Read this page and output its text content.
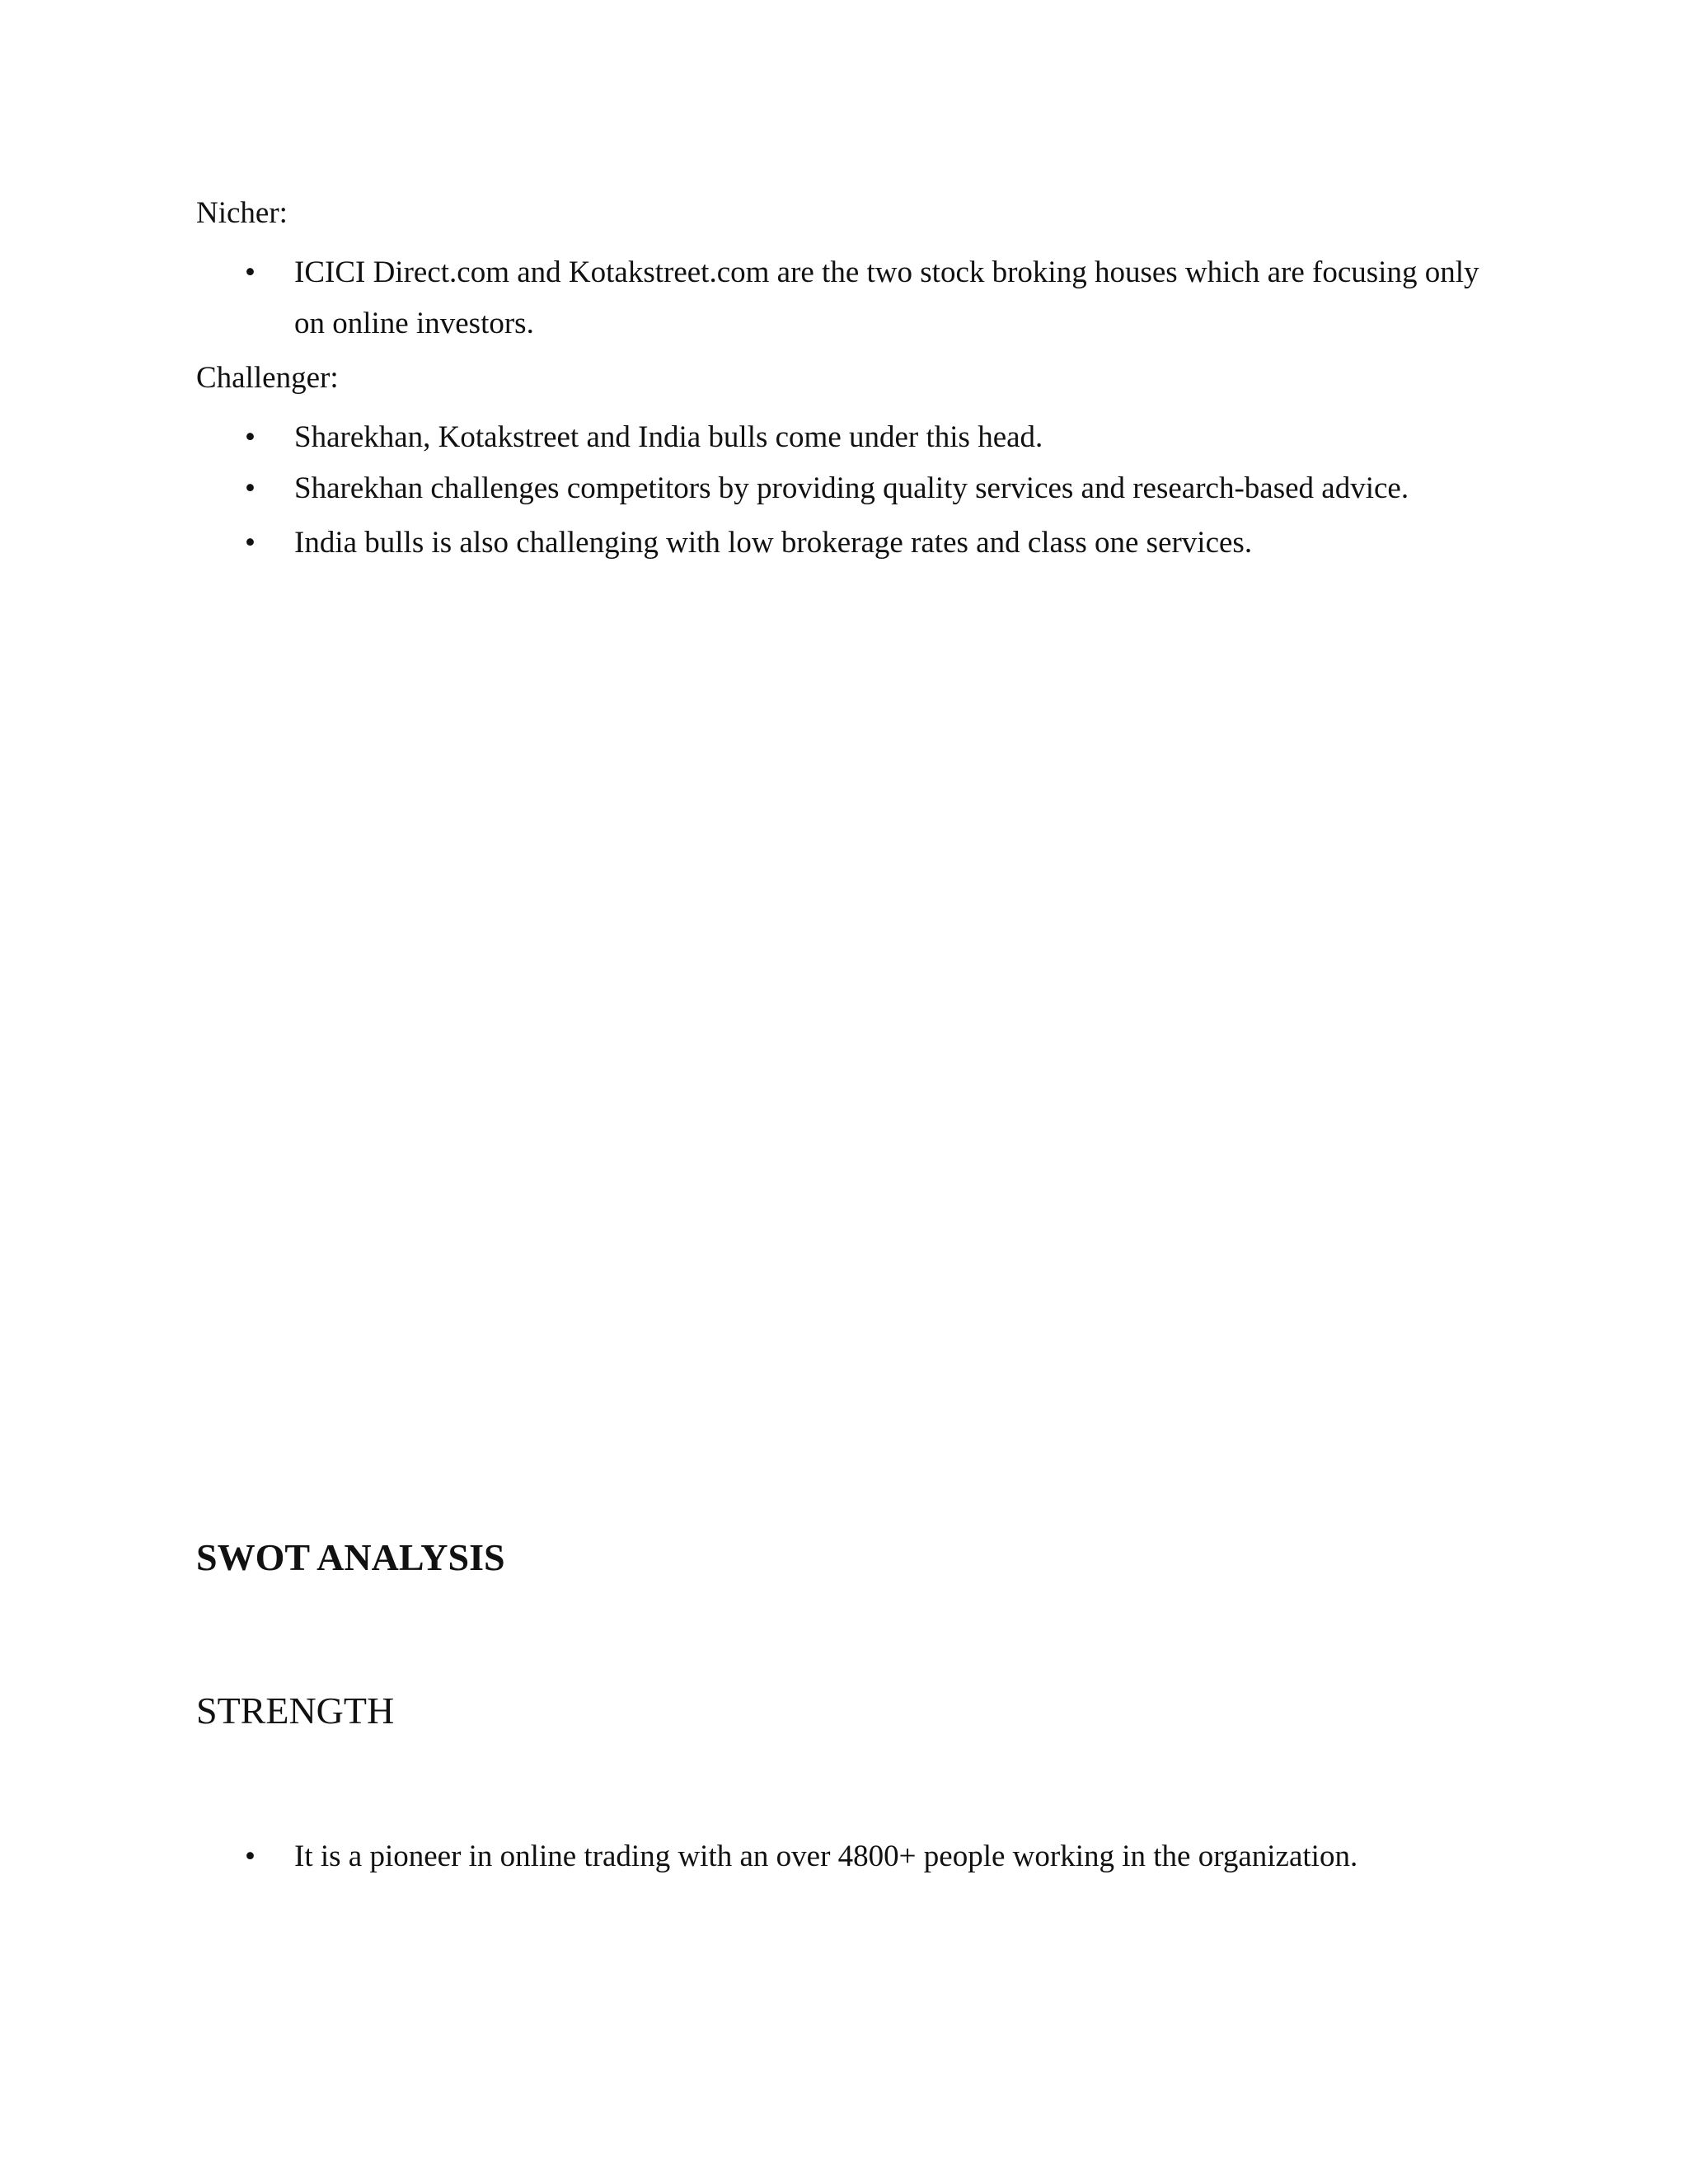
Nicher:
•	ICICI Direct.com and Kotakstreet.com are the two stock broking houses which are focusing only
on online investors.
Challenger:
•	Sharekhan, Kotakstreet and India bulls come under this head.
•	Sharekhan challenges competitors by providing quality services and research-based advice.
•	India bulls is also challenging with low brokerage rates and class one services.
SWOT ANALYSIS
STRENGTH
•	It is a pioneer in online trading with an over 4800+ people working in the organization.
